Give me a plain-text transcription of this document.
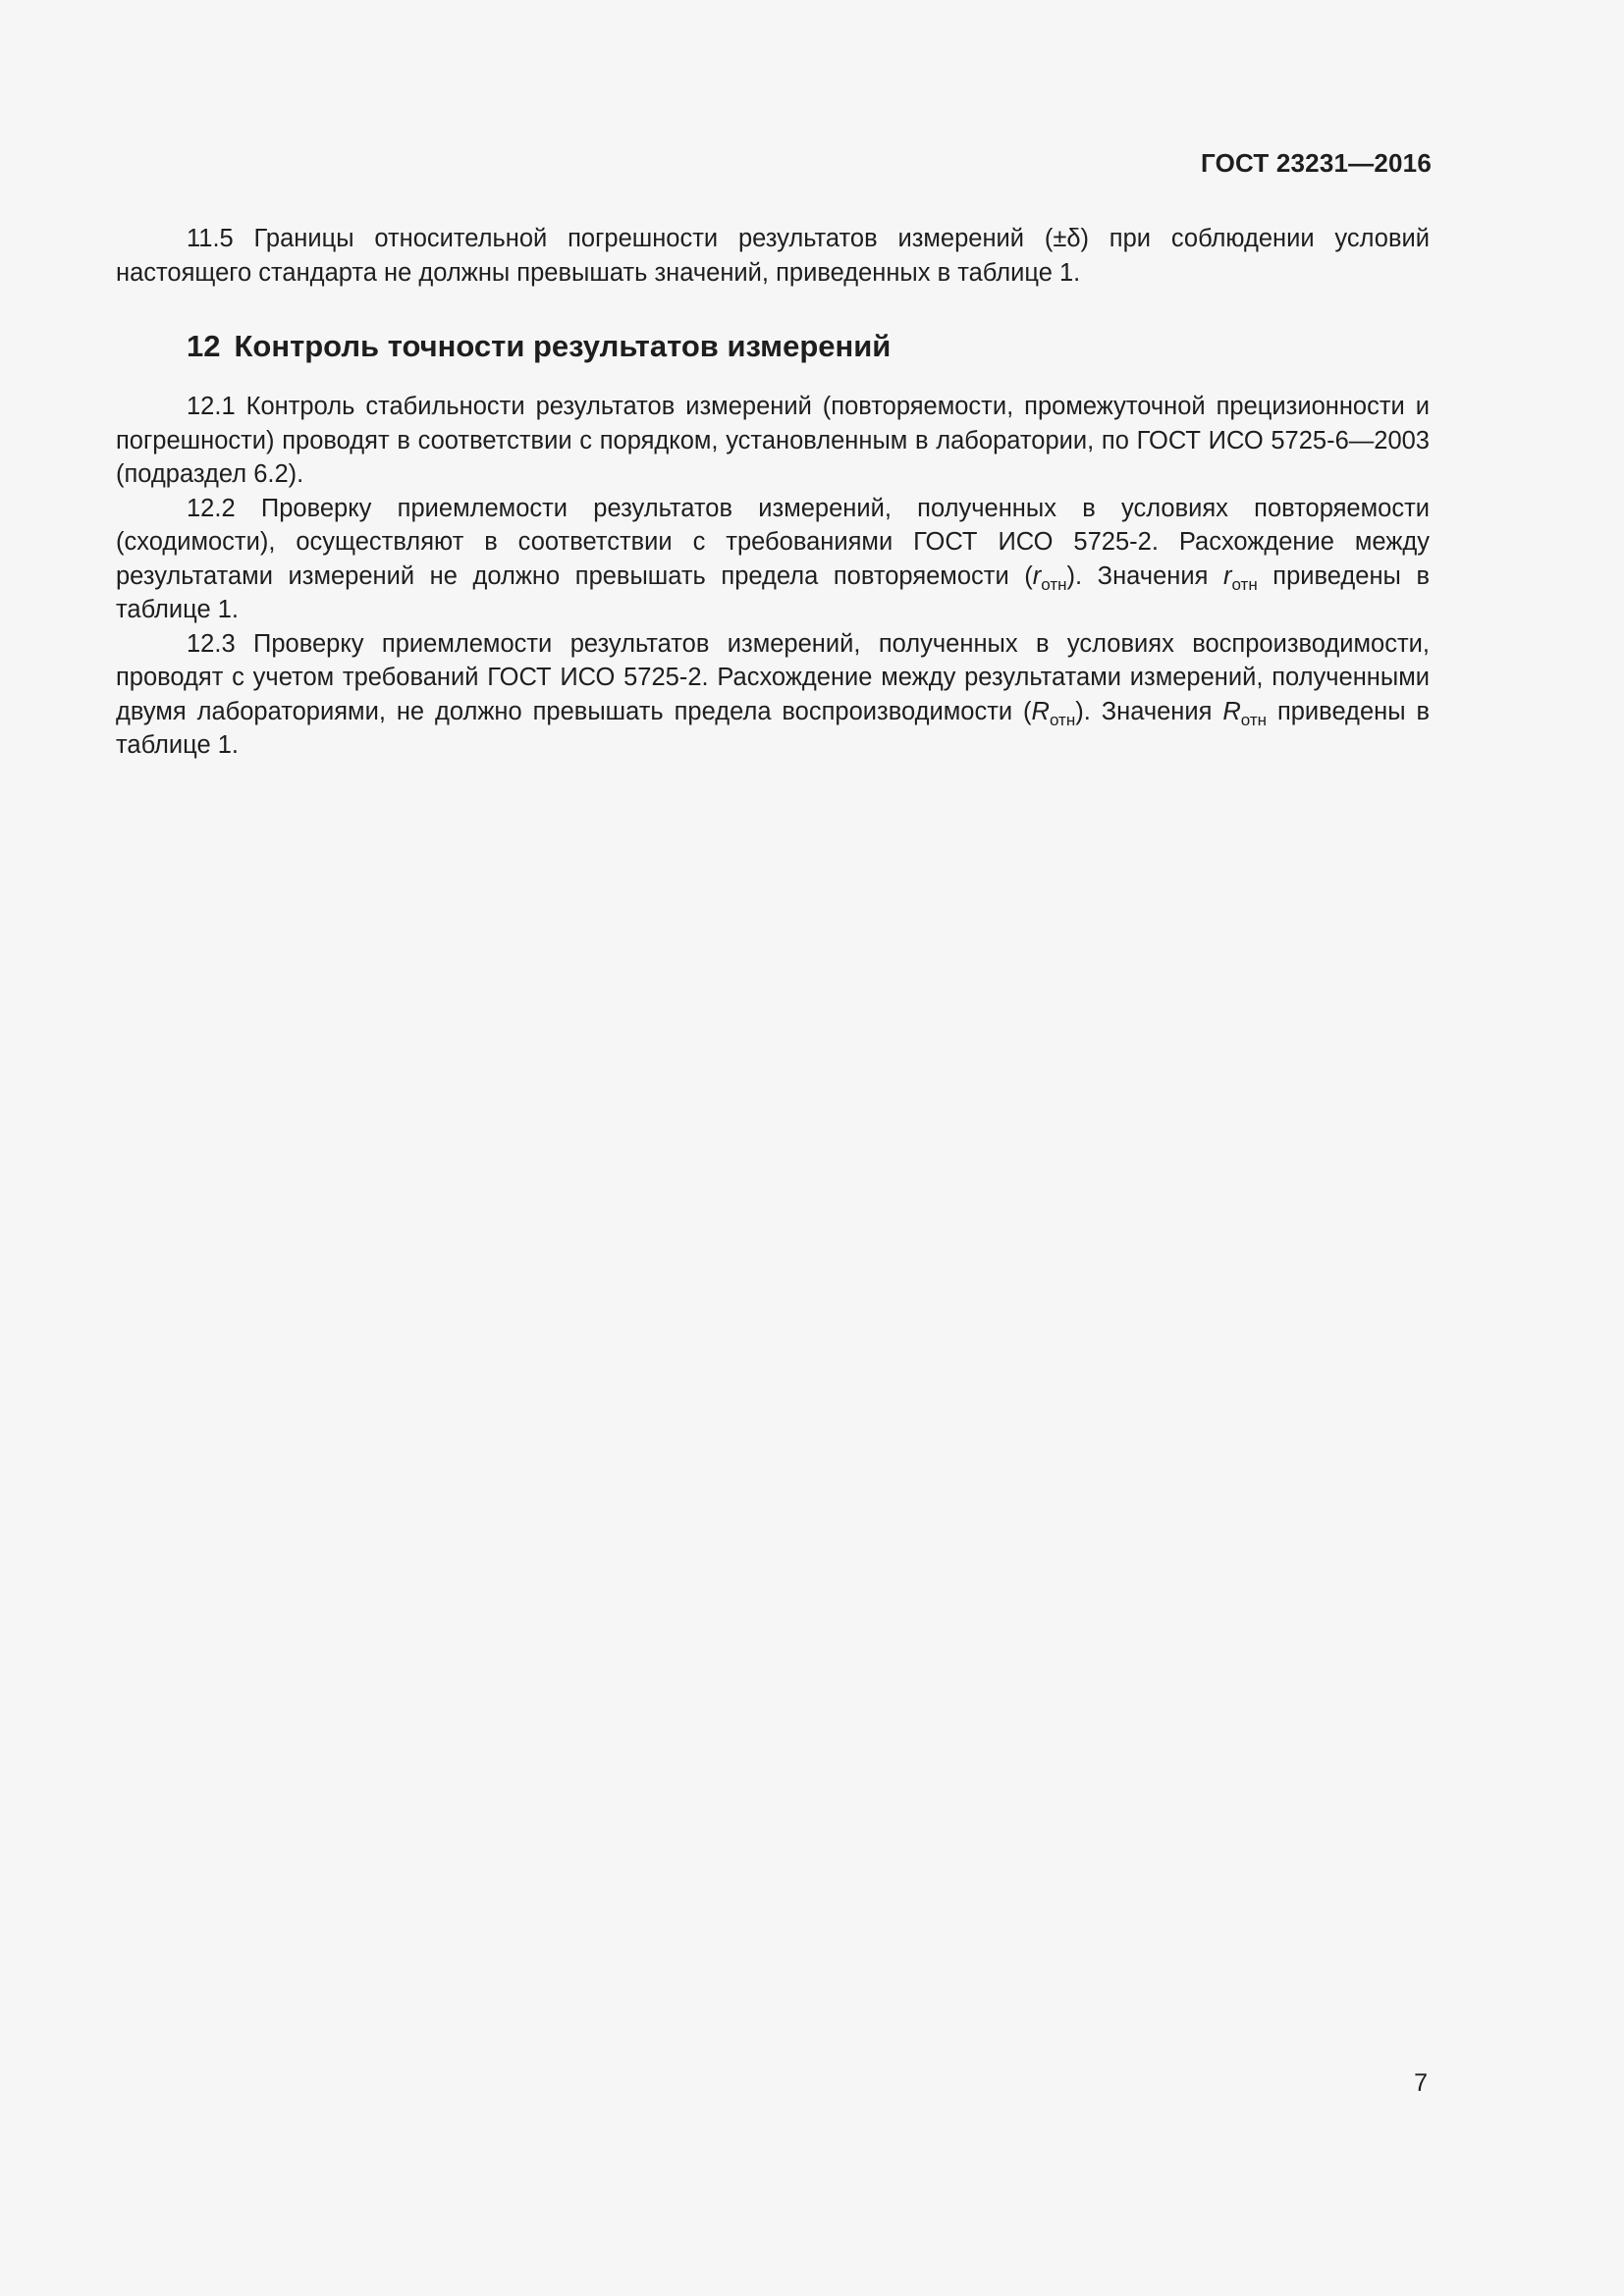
ГОСТ 23231—2016

11.5 Границы относительной погрешности результатов измерений (±δ) при соблюдении условий настоящего стандарта не должны превышать значений, приведенных в таблице 1.

12 Контроль точности результатов измерений

12.1 Контроль стабильности результатов измерений (повторяемости, промежуточной прецизионности и погрешности) проводят в соответствии с порядком, установленным в лаборатории, по ГОСТ ИСО 5725-6—2003 (подраздел 6.2).

12.2 Проверку приемлемости результатов измерений, полученных в условиях повторяемости (сходимости), осуществляют в соответствии с требованиями ГОСТ ИСО 5725-2. Расхождение между результатами измерений не должно превышать предела повторяемости $(r_{отн})$. Значения $r_{отн}$ приведены в таблице 1.

12.3 Проверку приемлемости результатов измерений, полученных в условиях воспроизводимости, проводят с учетом требований ГОСТ ИСО 5725-2. Расхождение между результатами измерений, полученными двумя лабораториями, не должно превышать предела воспроизводимости $(R_{отн})$. Значения $R_{отн}$ приведены в таблице 1.

7
